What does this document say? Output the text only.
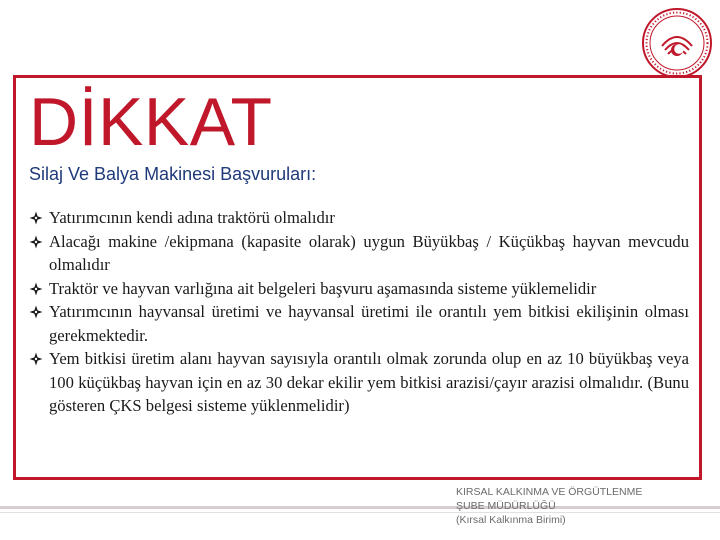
DİKKAT
Silaj Ve Balya Makinesi Başvuruları:
Yatırımcının kendi adına traktörü olmalıdır
Alacağı makine /ekipmana (kapasite olarak) uygun Büyükbaş / Küçükbaş hayvan mevcudu olmalıdır
Traktör ve hayvan varlığına ait belgeleri başvuru aşamasında sisteme yüklemelidir
Yatırımcının hayvansal üretimi ve hayvansal üretimi ile orantılı yem bitkisi ekilişinin olması gerekmektedir.
Yem bitkisi üretim alanı hayvan sayısıyla orantılı olmak zorunda olup en az 10 büyükbaş veya 100 küçükbaş hayvan için en az 30 dekar ekilir yem bitkisi arazisi/çayır arazisi olmalıdır. (Bunu gösteren ÇKS belgesi sisteme yüklenmelidir)
KIRSAL KALKINMA VE ÖRGÜTLENME
ŞUBE MÜDÜRLÜĞÜ
(Kırsal Kalkınma Birimi)
